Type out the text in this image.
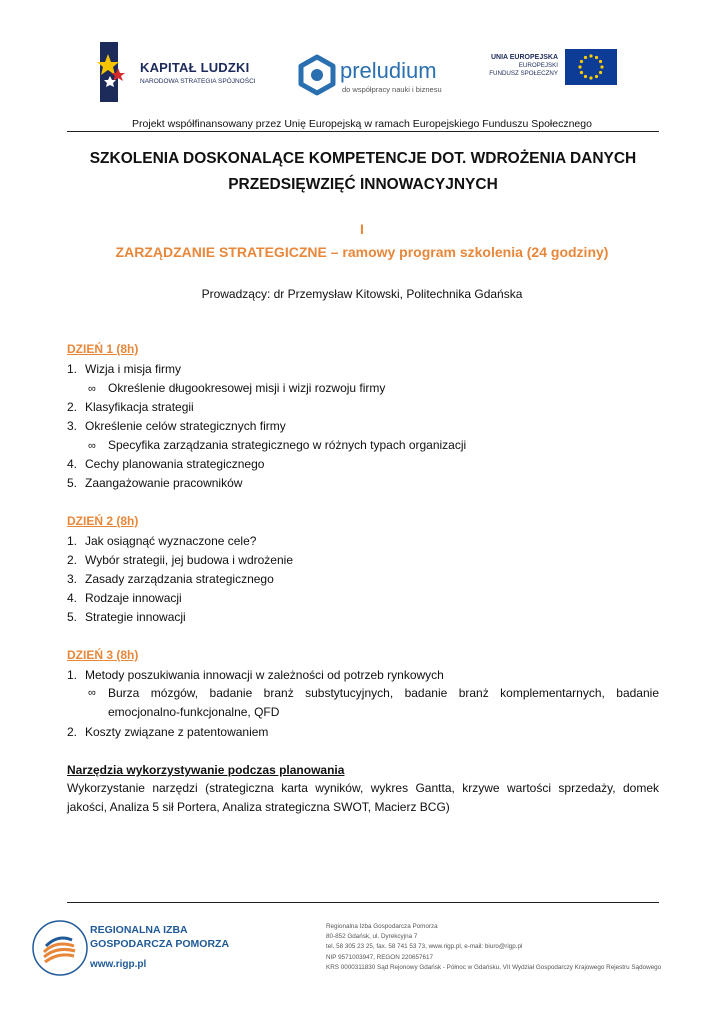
KAPITAŁ LUDZKI
NARODOWA STRATEGIA SPÓJNOŚCI	preludium
do współpracy nauki i biznesu
UNIA EUROPEJSKA
EUROPEJSKI
FUNDUSZ SPOŁECZNY
Projekt współfinansowany przez Unię Europejską w ramach Europejskiego Funduszu Społecznego
SZKOLENIA DOSKONALĄCE KOMPETENCJE DOT. WDROŻENIA DANYCH
PRZEDSIĘWZIĘĆ INNOWACYJNYCH
I
ZARZĄDZANIE STRATEGICZNE – ramowy program szkolenia (24 godziny)
Prowadzący: dr Przemysław Kitowski, Politechnika Gdańska
DZIEŃ 1 (8h)
1. Wizja i misja firmy
∞ Określenie długookresowej misji i wizji rozwoju firmy
2. Klasyfikacja strategii
3. Określenie celów strategicznych firmy
∞ Specyfika zarządzania strategicznego w różnych typach organizacji
4. Cechy planowania strategicznego
5. Zaangażowanie pracowników
DZIEŃ 2 (8h)
1. Jak osiągnąć wyznaczone cele?
2. Wybór strategii, jej budowa i wdrożenie
3. Zasady zarządzania strategicznego
4. Rodzaje innowacji
5. Strategie innowacji
DZIEŃ 3 (8h)
1. Metody poszukiwania innowacji w zależności od potrzeb rynkowych
∞ Burza mózgów, badanie branż substytucyjnych, badanie branż komplementarnych, badanie emocjonalno-funkcjonalne, QFD
2. Koszty związane z patentowaniem
Narzędzia wykorzystywanie podczas planowania
Wykorzystanie narzędzi (strategiczna karta wyników, wykres Gantta, krzywe wartości sprzedaży, domek jakości, Analiza 5 sił Portera, Analiza strategiczna SWOT, Macierz BCG)
REGIONALNA IZBA
GOSPODARCZA POMORZA
www.rigp.pl
Regionalna Izba Gospodarcza Pomorza
80-852 Gdańsk, ul. Dyrekcyjna 7
tel. 58 305 23 25, fax. 58 741 53 73, www.rigp.pl, e-mail: biuro@rigp.pl
NIP 9571003947, REGON 220657617
KRS 0000311830 Sąd Rejonowy Gdańsk - Północ w Gdańsku, VII Wydział Gospodarczy Krajowego Rejestru Sądowego
